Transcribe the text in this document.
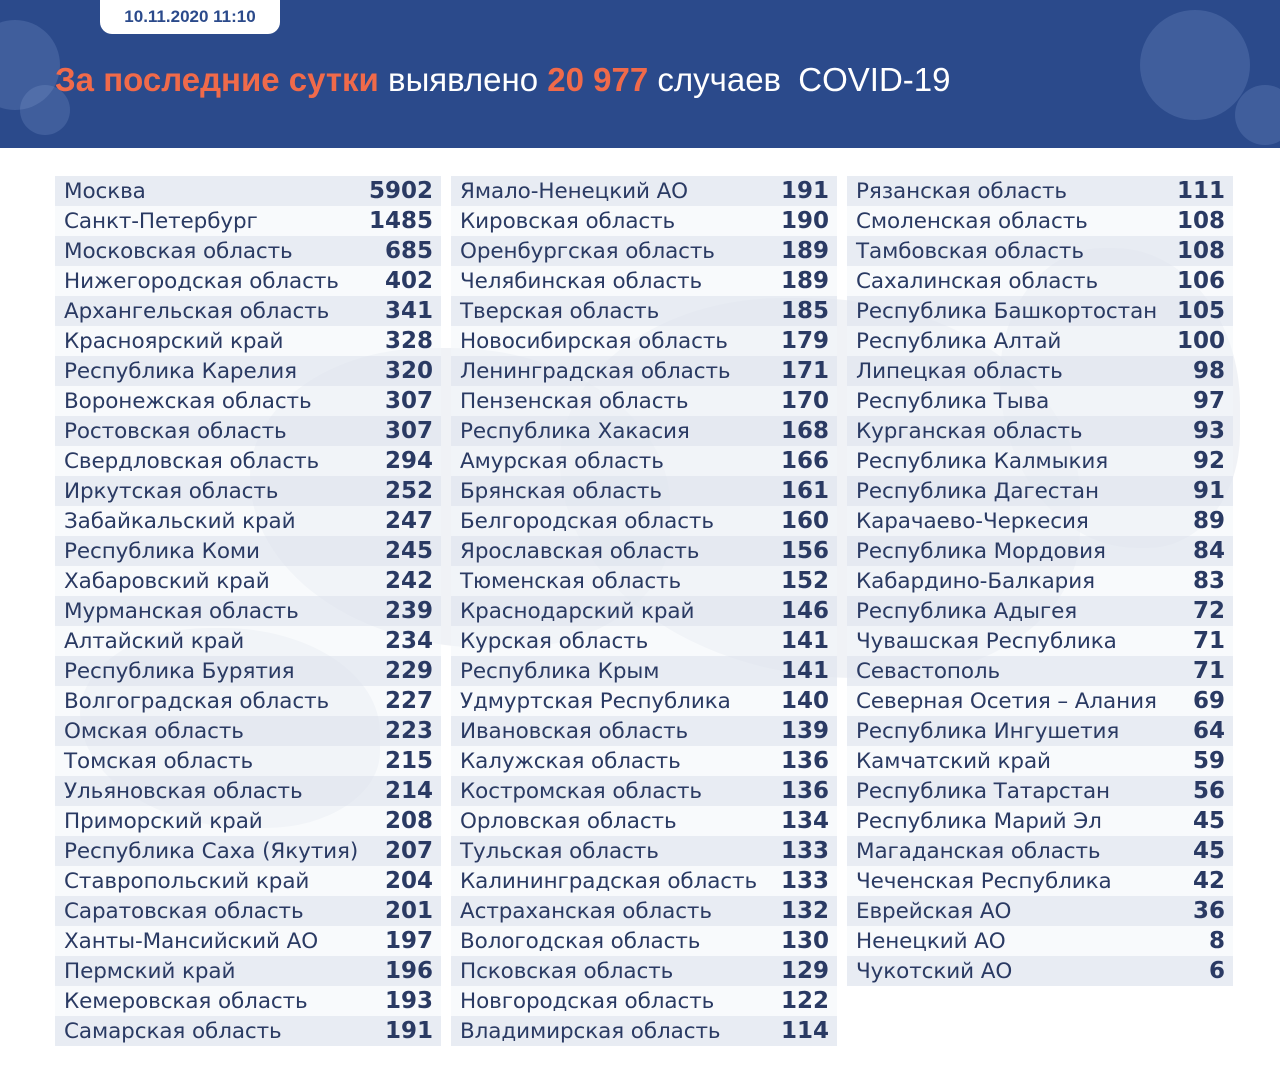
10.11.2020 11:10
За последние сутки выявлено 20 977 случаев COVID-19
Москва	5902
Санкт-Петербург	1485
Московская область	685
Нижегородская область 402
Архангельская область 341
Красноярский край	328
Республика Карелия	320
Воронежская область	307
Ростовская область	307
Свердловская область	294
Иркутская область	252
Забайкальский край	247
Республика Коми	245
Хабаровский край	242
Мурманская область	239
Алтайский край	234
Республика Бурятия	229
Волгоградская область 227
Омская область	223
Томская область	215
Ульяновская область	214
Приморский край	208
Республика Саха (Якутия) 207
Ставропольский край	204
Саратовская область	201
Ханты-Мансийский АО	197
Пермский край	196
Кемеровская область	193
Самарская область	191
Ямало-Ненецкий АО	191
Кировская область	190
Оренбургская область	189
Челябинская область	189
Тверская область	185
Новосибирская область 179
Ленинградская область 171
Пензенская область	170
Республика Хакасия	168
Амурская область	166
Брянская область	161
Белгородская область	160
Ярославская область	156
Тюменская область	152
Краснодарский край	146
Курская область	141
Республика Крым	141
Удмуртская Республика 140
Ивановская область	139
Калужская область	136
Костромская область	136
Орловская область	134
Тульская область	133
Калининградская область 133
Астраханская область	132
Вологодская область	130
Псковская область	129
Новгородская область	122
Владимирская область	114
Рязанская область	111
Смоленская область	108
Тамбовская область	108
Сахалинская область	106
Республика Башкортостан 105
Республика Алтай	100
Липецкая область	98
Республика Тыва	97
Курганская область	93
Республика Калмыкия	92
Республика Дагестан	91
Карачаево-Черкесия	89
Республика Мордовия	84
Кабардино-Балкария	83
Республика Адыгея	72
Чувашская Республика	71
Севастополь	71
Северная Осетия – Алания 69
Республика Ингушетия	64
Камчатский край	59
Республика Татарстан	56
Республика Марий Эл	45
Магаданская область	45
Чеченская Республика	42
Еврейская АО	36
Ненецкий АО	8
Чукотский АО	6
